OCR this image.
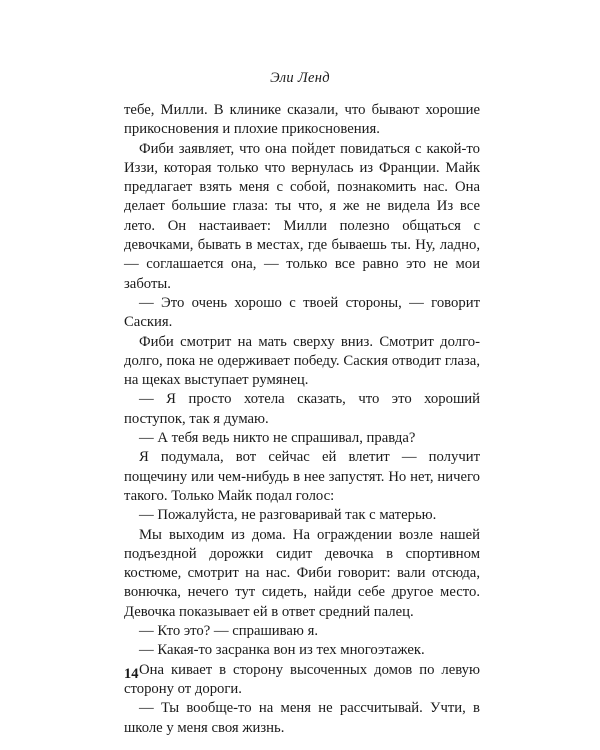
Эли Ленд

тебе, Милли. В клинике сказали, что бывают хорошие прикосновения и плохие прикосновения.

Фиби заявляет, что она пойдет повидаться с какой-то Иззи, которая только что вернулась из Франции. Майк предлагает взять меня с собой, познакомить нас. Она делает большие глаза: ты что, я же не видела Из все лето. Он настаивает: Милли полезно общаться с девочками, бывать в местах, где бываешь ты. Ну, ладно, — соглашается она, — только все равно это не мои заботы.

— Это очень хорошо с твоей стороны, — говорит Саския.

Фиби смотрит на мать сверху вниз. Смотрит долго-долго, пока не одерживает победу. Саския отводит глаза, на щеках выступает румянец.

— Я просто хотела сказать, что это хороший поступок, так я думаю.

— А тебя ведь никто не спрашивал, правда?

Я подумала, вот сейчас ей влетит — получит пощечину или чем-нибудь в нее запустят. Но нет, ничего такого. Только Майк подал голос:

— Пожалуйста, не разговаривай так с матерью.

Мы выходим из дома. На ограждении возле нашей подъездной дорожки сидит девочка в спортивном костюме, смотрит на нас. Фиби говорит: вали отсюда, вонючка, нечего тут сидеть, найди себе другое место. Девочка показывает ей в ответ средний палец.

— Кто это? — спрашиваю я.

— Какая-то засранка вон из тех многоэтажек.

Она кивает в сторону высоченных домов по левую сторону от дороги.

— Ты вообще-то на меня не рассчитывай. Учти, в школе у меня своя жизнь.

14
